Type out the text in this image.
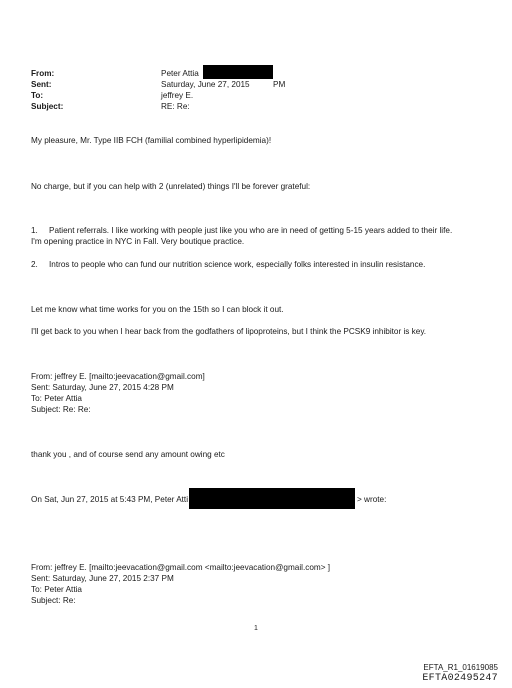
From:
Sent:
To:
Subject:
Peter Attia
Saturday, June 27, 2015	PM
jeffrey E.
RE: Re:
My pleasure, Mr. Type IIB FCH (familial combined hyperlipidemia)!
No charge, but if you can help with 2 (unrelated) things I'll be forever grateful:
1. Patient referrals. I like working with people just like you who are in need of getting 5-15 years added to their life.
I'm opening practice in NYC in Fall. Very boutique practice.
2. Intros to people who can fund our nutrition science work, especially folks interested in insulin resistance.
Let me know what time works for you on the 15th so I can block it out.
I'll get back to you when I hear back from the godfathers of lipoproteins, but I think the PCSK9 inhibitor is key.
From: jeffrey E. [mailto:jeevacation@gmail.com]
Sent: Saturday, June 27, 2015 4:28 PM
To: Peter Attia
Subject: Re: Re:
thank you , and of course send any amount owing etc
On Sat, Jun 27, 2015 at 5:43 PM, Peter Atti	> wrote:
From: jeffrey E. [mailto:jeevacation@gmail.com <mailto:jeevacation@gmail.com> ]
Sent: Saturday, June 27, 2015 2:37 PM
To: Peter Attia
Subject: Re:
1
EFTA_R1_01619085
EFTA02495247
